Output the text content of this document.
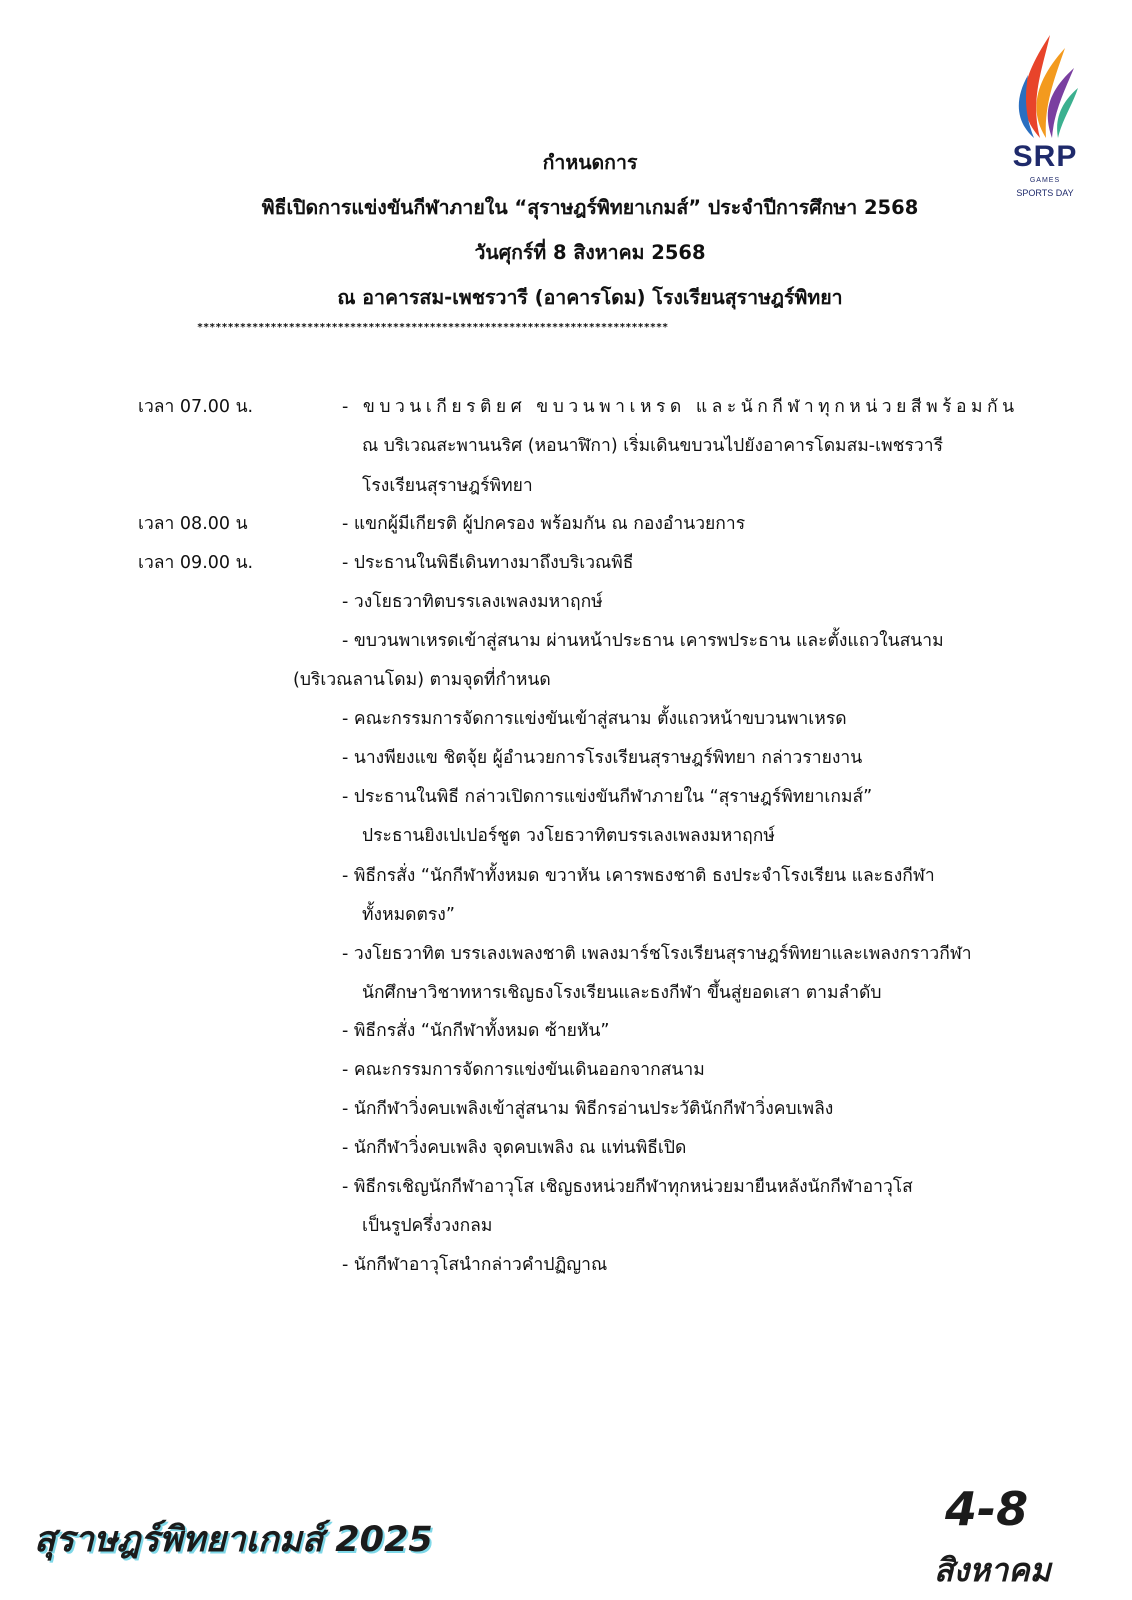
SRP
GAMES
SPORTS DAY
กำหนดการ
พิธีเปิดการแข่งขันกีฬาภายใน “สุราษฎร์พิทยาเกมส์” ประจำปีการศึกษา 2568
วันศุกร์ที่ 8 สิงหาคม 2568
ณ อาคารสม-เพชรวารี (อาคารโดม) โรงเรียนสุราษฎร์พิทยา
*****************************************************************************
เวลา 07.00 น.	- ขบวนเกียรติยศ ขบวนพาเหรด และนักกีฬาทุกหน่วยสีพร้อมกัน
ณ บริเวณสะพานนริศ (หอนาฬิกา) เริ่มเดินขบวนไปยังอาคารโดมสม-เพชรวารี
โรงเรียนสุราษฎร์พิทยา
เวลา 08.00 น	- แขกผู้มีเกียรติ ผู้ปกครอง พร้อมกัน ณ กองอำนวยการ
เวลา 09.00 น.	- ประธานในพิธีเดินทางมาถึงบริเวณพิธี
- วงโยธวาทิตบรรเลงเพลงมหาฤกษ์
- ขบวนพาเหรดเข้าสู่สนาม ผ่านหน้าประธาน เคารพประธาน และตั้งแถวในสนาม
(บริเวณลานโดม) ตามจุดที่กำหนด
- คณะกรรมการจัดการแข่งขันเข้าสู่สนาม ตั้งแถวหน้าขบวนพาเหรด
- นางพียงแข ชิตจุ้ย ผู้อำนวยการโรงเรียนสุราษฎร์พิทยา กล่าวรายงาน
- ประธานในพิธี กล่าวเปิดการแข่งขันกีฬาภายใน “สุราษฎร์พิทยาเกมส์”
ประธานยิงเปเปอร์ชูต วงโยธวาทิตบรรเลงเพลงมหาฤกษ์
- พิธีกรสั่ง “นักกีฬาทั้งหมด ขวาหัน เคารพธงชาติ ธงประจำโรงเรียน และธงกีฬา
ทั้งหมดตรง”
- วงโยธวาทิต บรรเลงเพลงชาติ เพลงมาร์ชโรงเรียนสุราษฎร์พิทยาและเพลงกราวกีฬา
นักศึกษาวิชาทหารเชิญธงโรงเรียนและธงกีฬา ขึ้นสู่ยอดเสา ตามลำดับ
- พิธีกรสั่ง “นักกีฬาทั้งหมด ซ้ายหัน”
- คณะกรรมการจัดการแข่งขันเดินออกจากสนาม
- นักกีฬาวิ่งคบเพลิงเข้าสู่สนาม พิธีกรอ่านประวัตินักกีฬาวิ่งคบเพลิง
- นักกีฬาวิ่งคบเพลิง จุดคบเพลิง ณ แท่นพิธีเปิด
- พิธีกรเชิญนักกีฬาอาวุโส เชิญธงหน่วยกีฬาทุกหน่วยมายืนหลังนักกีฬาอาวุโส
เป็นรูปครึ่งวงกลม
- นักกีฬาอาวุโสนำกล่าวคำปฏิญาณ
สุราษฎร์พิทยาเกมส์ 2025
4-8
สิงหาคม
